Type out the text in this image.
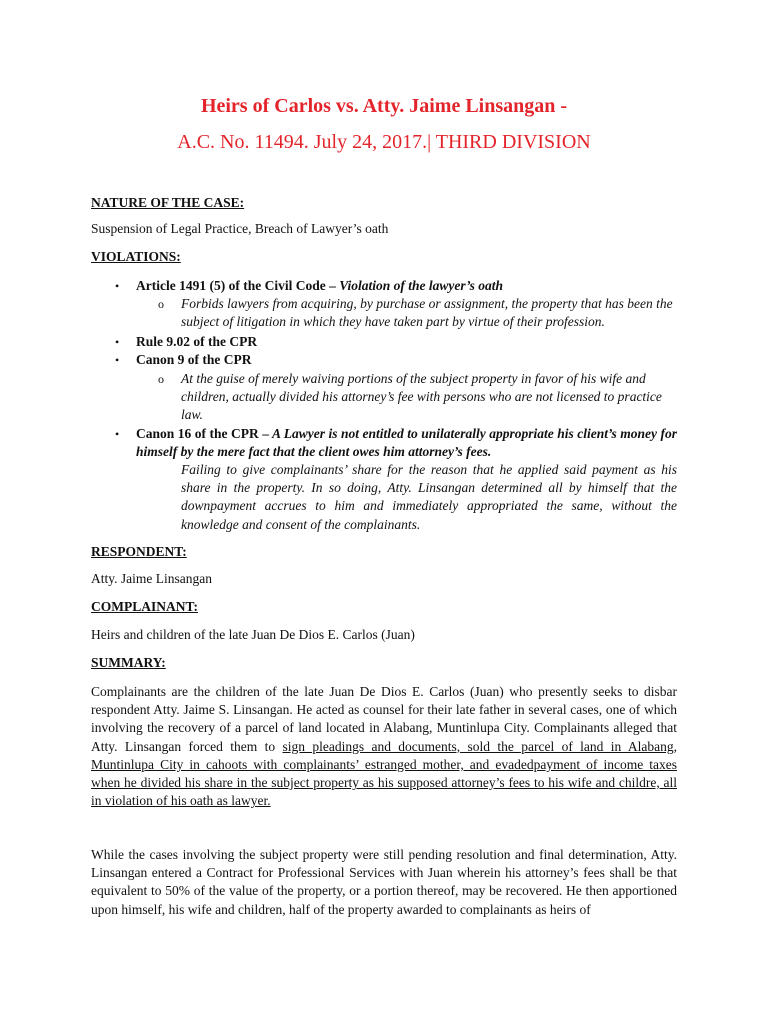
Heirs of Carlos vs. Atty. Jaime Linsangan -
A.C. No. 11494. July 24, 2017.| THIRD DIVISION
NATURE OF THE CASE:
Suspension of Legal Practice, Breach of Lawyer’s oath
VIOLATIONS:
• Article 1491 (5) of the Civil Code – Violation of the lawyer’s oath
o Forbids lawyers from acquiring, by purchase or assignment, the property that has been the subject of litigation in which they have taken part by virtue of their profession.
• Rule 9.02 of the CPR
• Canon 9 of the CPR
o At the guise of merely waiving portions of the subject property in favor of his wife and children, actually divided his attorney’s fee with persons who are not licensed to practice law.
• Canon 16 of the CPR – A Lawyer is not entitled to unilaterally appropriate his client’s money for himself by the mere fact that the client owes him attorney’s fees.
Failing to give complainants’ share for the reason that he applied said payment as his share in the property. In so doing, Atty. Linsangan determined all by himself that the downpayment accrues to him and immediately appropriated the same, without the knowledge and consent of the complainants.
RESPONDENT:
Atty. Jaime Linsangan
COMPLAINANT:
Heirs and children of the late Juan De Dios E. Carlos (Juan)
SUMMARY:
Complainants are the children of the late Juan De Dios E. Carlos (Juan) who presently seeks to disbar respondent Atty. Jaime S. Linsangan. He acted as counsel for their late father in several cases, one of which involving the recovery of a parcel of land located in Alabang, Muntinlupa City. Complainants alleged that Atty. Linsangan forced them to sign pleadings and documents, sold the parcel of land in Alabang, Muntinlupa City in cahoots with complainants’ estranged mother, and evadedpayment of income taxes when he divided his share in the subject property as his supposed attorney’s fees to his wife and childre, all in violation of his oath as lawyer.
While the cases involving the subject property were still pending resolution and final determination, Atty. Linsangan entered a Contract for Professional Services with Juan wherein his attorney’s fees shall be that equivalent to 50% of the value of the property, or a portion thereof, may be recovered. He then apportioned upon himself, his wife and children, half of the property awarded to complainants as heirs of
